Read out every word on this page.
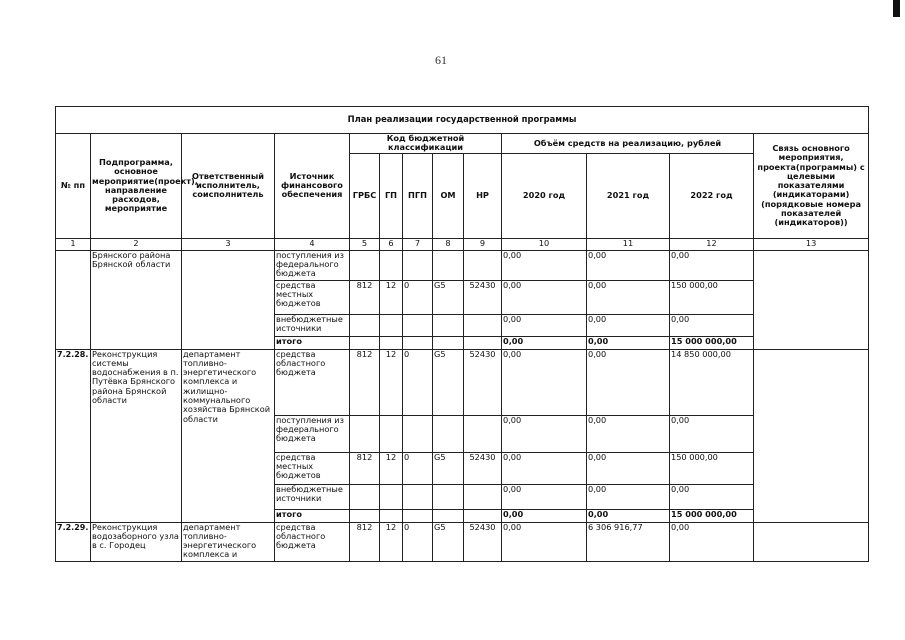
61
План реализации государственной программы												
№ пп	Подпрограмма, основное мероприятие(проект), направление расходов, мероприятие	Ответственный исполнитель, соисполнитель	Источник финансового обеспечения	Код бюджетной классификации					Объём средств на реализацию, рублей			Связь основного мероприятия, проекта(программы) с целевыми показателями (индикаторами) (порядковые номера показателей (индикаторов))
				ГРБС	ГП	ПГП	ОМ	НР	2020 год	2021 год	2022 год	
1	2	3	4	5	6	7	8	9	10	11	12	13
	Брянского района Брянской области		поступления из федерального бюджета						0,00	0,00	0,00	
			средства местных бюджетов	812	12	0	G5	52430	0,00	0,00	150 000,00	
			внебюджетные источники						0,00	0,00	0,00	
			итого						0,00	0,00	15 000 000,00	
7.2.28.	Реконструкция системы водоснабжения в п. Путёвка Брянского района Брянской области	департамент топливно-энергетического комплекса и жилищно-коммунального хозяйства Брянской области	средства областного бюджета	812	12	0	G5	52430	0,00	0,00	14 850 000,00	
			поступления из федерального бюджета						0,00	0,00	0,00	
			средства местных бюджетов	812	12	0	G5	52430	0,00	0,00	150 000,00	
			внебюджетные источники						0,00	0,00	0,00	
			итого						0,00	0,00	15 000 000,00	
7.2.29.	Реконструкция водозаборного узла в с. Городец	департамент топливно-энергетического комплекса и	средства областного бюджета	812	12	0	G5	52430	0,00	6 306 916,77	0,00	
